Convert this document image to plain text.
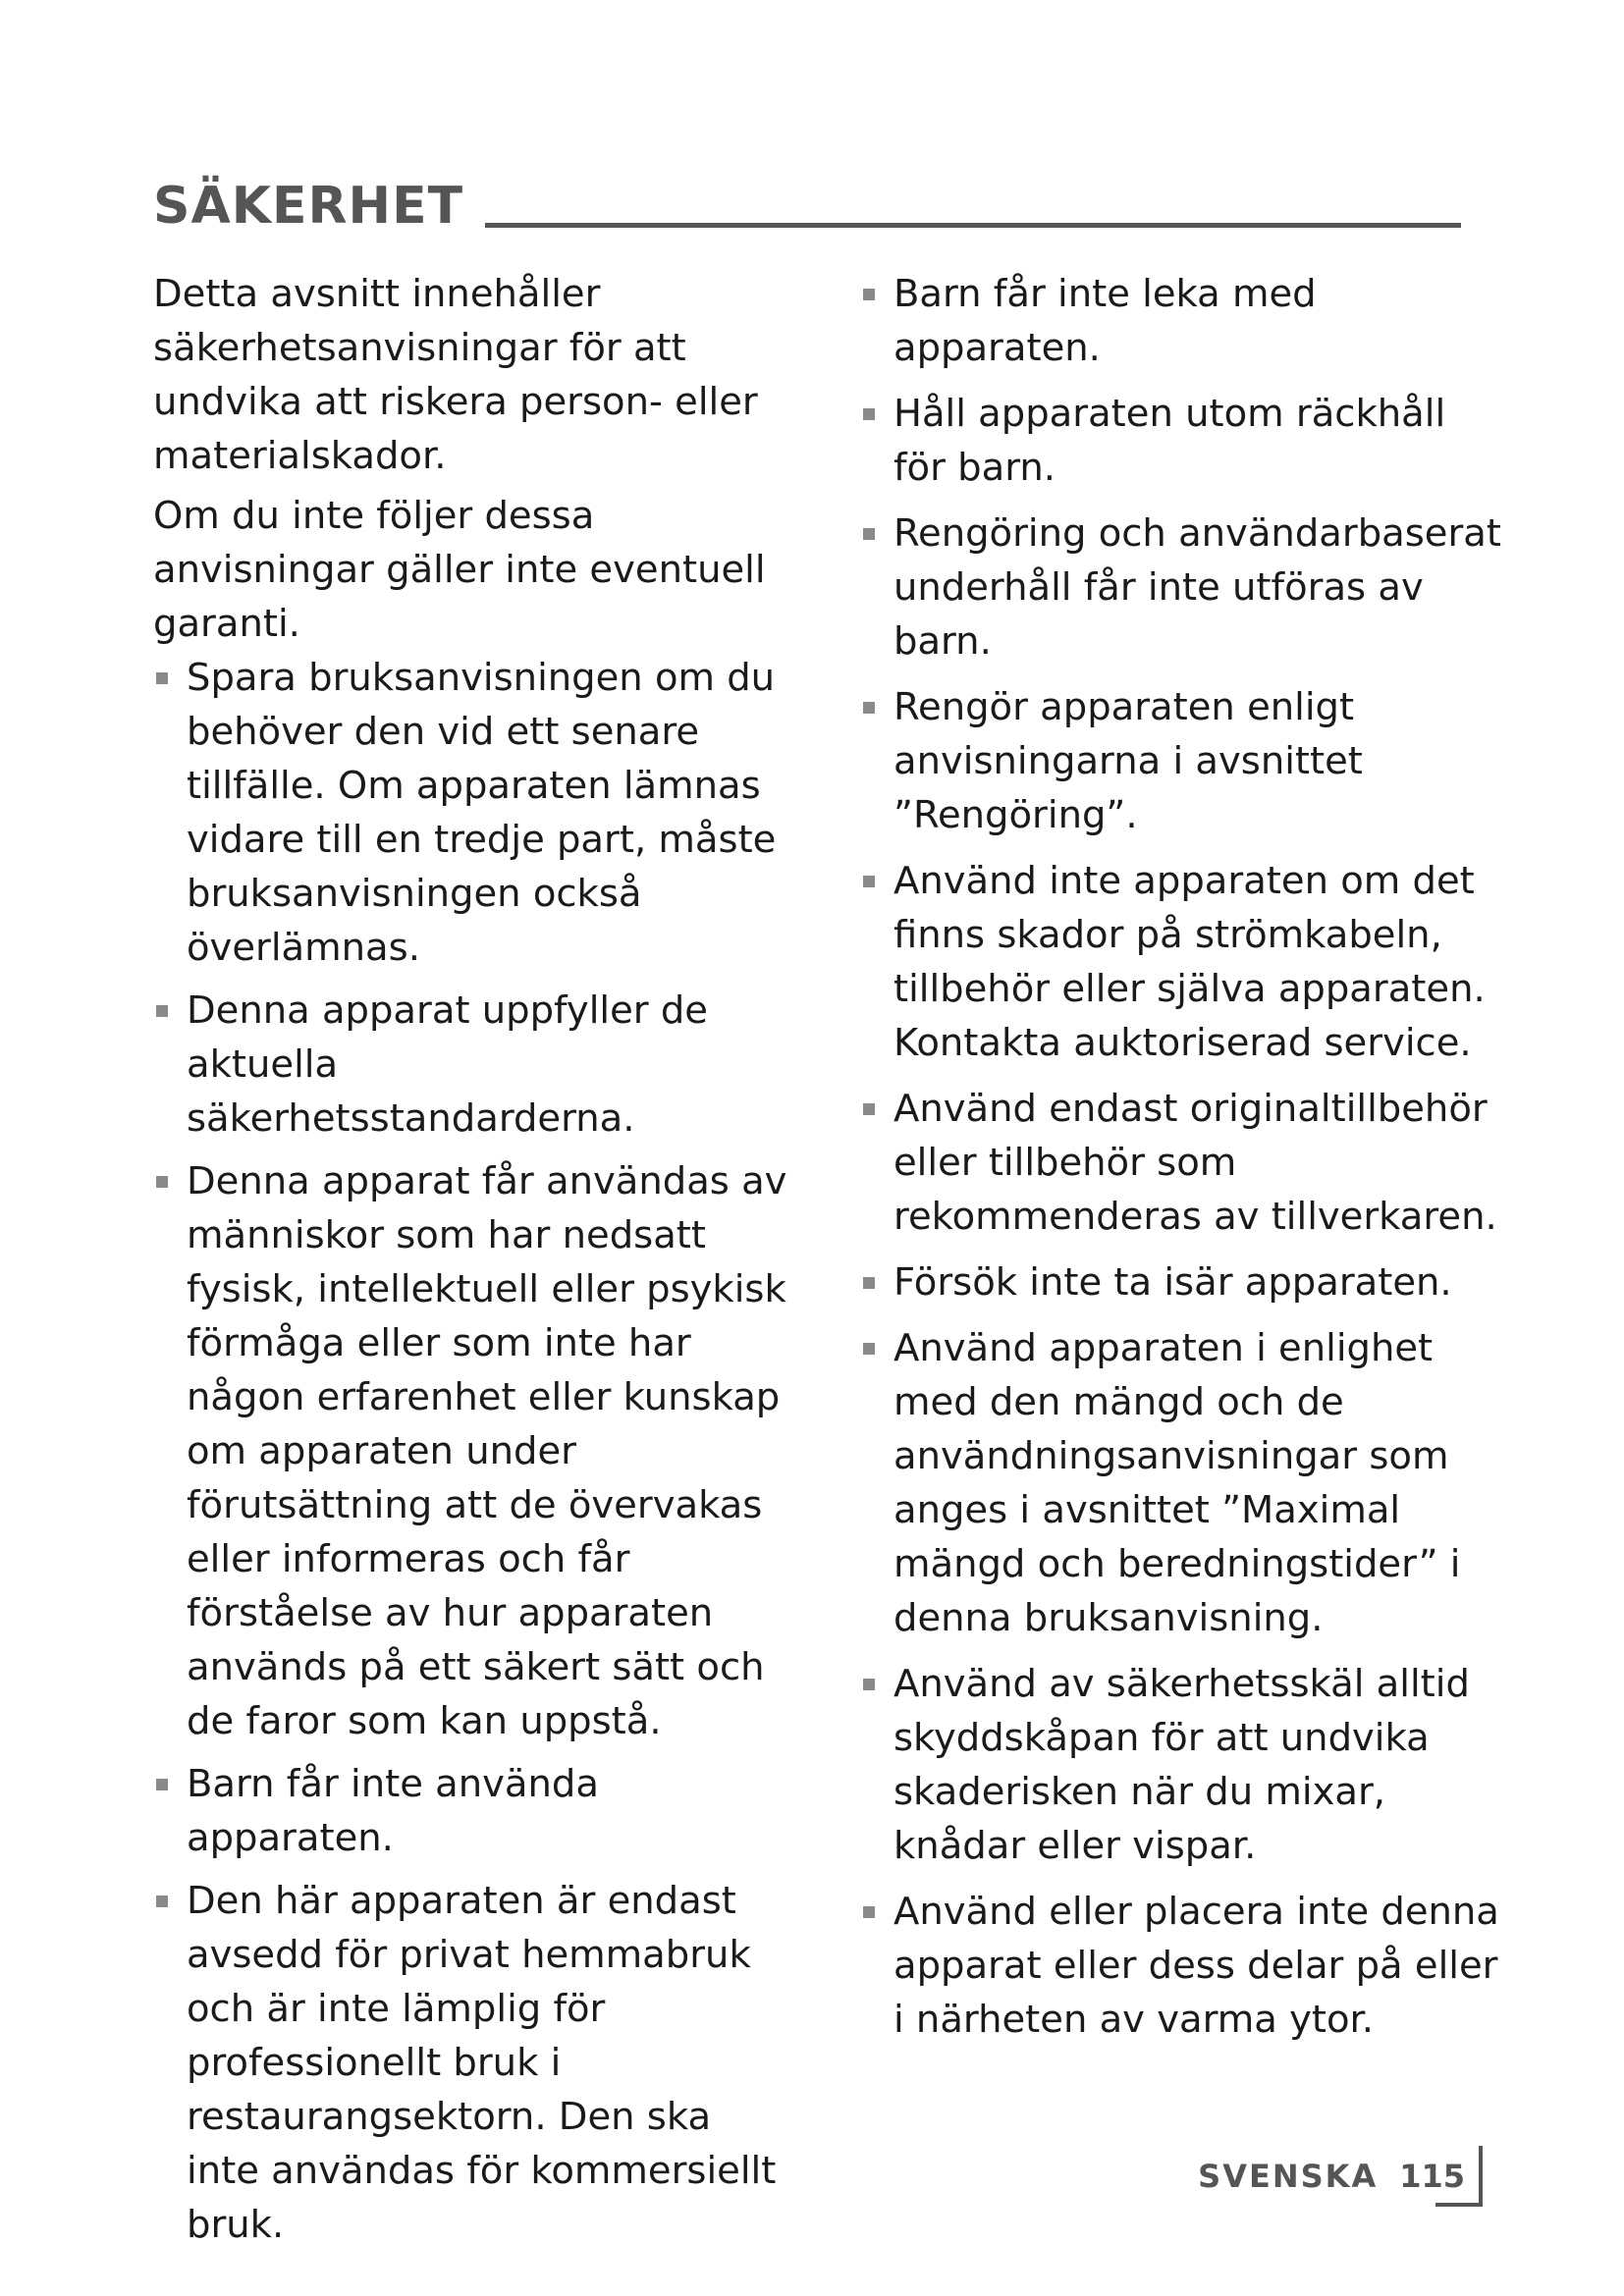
SÄKERHET

Detta avsnitt innehåller säkerhetsanvisningar för att undvika att riskera person- eller materialskador.

Om du inte följer dessa anvisningar gäller inte eventuell garanti.

Spara bruksanvisningen om du behöver den vid ett senare tillfälle. Om apparaten lämnas vidare till en tredje part, måste bruksanvisningen också överlämnas.
Denna apparat uppfyller de aktuella säkerhetsstandarderna.
Denna apparat får användas av människor som har nedsatt fysisk, intellektuell eller psykisk förmåga eller som inte har någon erfarenhet eller kunskap om apparaten under förutsättning att de övervakas eller informeras och får förståelse av hur apparaten används på ett säkert sätt och de faror som kan uppstå.
Barn får inte använda apparaten.
Den här apparaten är endast avsedd för privat hemmabruk och är inte lämplig för professionellt bruk i restaurangsektorn. Den ska inte användas för kommersiellt bruk.
Barn får inte leka med apparaten.
Håll apparaten utom räckhåll för barn.
Rengöring och användarbaserat underhåll får inte utföras av barn.
Rengör apparaten enligt anvisningarna i avsnittet ”Rengöring”.
Använd inte apparaten om det finns skador på strömkabeln, tillbehör eller själva apparaten. Kontakta auktoriserad service.
Använd endast originaltillbehör eller tillbehör som rekommenderas av tillverkaren.
Försök inte ta isär apparaten.
Använd apparaten i enlighet med den mängd och de användningsanvisningar som anges i avsnittet ”Maximal mängd och beredningstider” i denna bruksanvisning.
Använd av säkerhetsskäl alltid skyddskåpan för att undvika skaderisken när du mixar, knådar eller vispar.
Använd eller placera inte denna apparat eller dess delar på eller i närheten av varma ytor.
SVENSKA 115
